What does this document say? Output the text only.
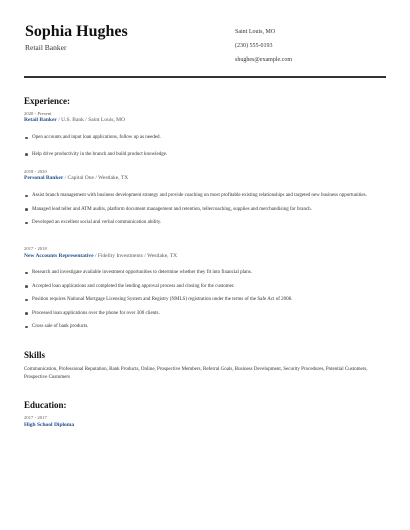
Sophia Hughes
Retail Banker
Saint Louis, MO
(230) 555-0193
shughes@example.com
Experience:
2020 - Present
Retail Banker / U.S. Bank / Saint Louis, MO
Open accounts and input loan applications, follow up as needed.
Help drive productivity in the branch and build product knowledge.
2018 - 2020
Personal Banker / Capital One / Westlake, TX
Assist branch management with business development strategy and provide coaching on most profitable existing relationships and targeted new business opportunities.
Managed lead teller and ATM audits, platform document management and retention, tellercoaching, supplies and merchandising for branch.
Developed an excellent social and verbal communication ability.
2017 - 2018
New Accounts Representative / Fidelity Investments / Westlake, TX
Research and investigate available investment opportunities to determine whether they fit into financial plans.
Accepted loan applications and completed the lending approval process and closing for the customer.
Position requires National Mortgage Licensing System and Registry (NMLS) registration under the terms of the Safe Act of 2008.
Processed loan applications over the phone for over 300 clients.
Cross sale of bank products.
Skills
Communication, Professional Reputation, Bank Products, Online, Prospective Members, Referral Goals, Business Development, Security Procedures, Potential Customers, Prospective Customers
Education:
2017 - 2017
High School Diploma
